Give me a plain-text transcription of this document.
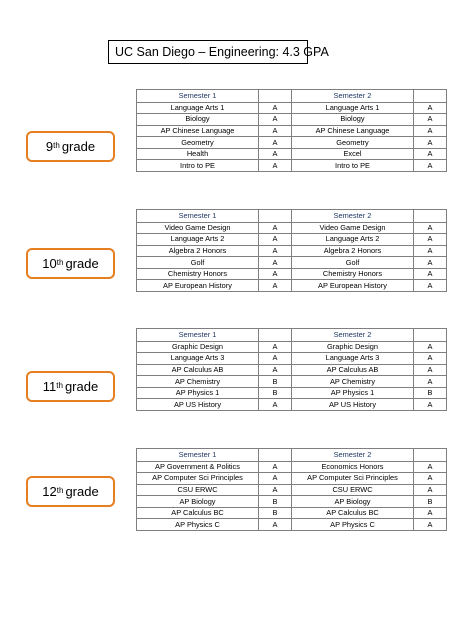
UC San Diego – Engineering: 4.3 GPA
9th grade
Semester 1		Semester 2	
Language Arts 1	A	Language Arts 1	A
Biology	A	Biology	A
AP Chinese Language	A	AP Chinese Language	A
Geometry	A	Geometry	A
Health	A	Excel	A
Intro to PE	A	Intro to PE	A
10th grade
Semester 1		Semester 2	
Video Game Design	A	Video Game Design	A
Language Arts 2	A	Language Arts 2	A
Algebra 2 Honors	A	Algebra 2 Honors	A
Golf	A	Golf	A
Chemistry Honors	A	Chemistry Honors	A
AP European History	A	AP European History	A
11th grade
Semester 1		Semester 2	
Graphic Design	A	Graphic Design	A
Language Arts 3	A	Language Arts 3	A
AP Calculus AB	A	AP Calculus AB	A
AP Chemistry	B	AP Chemistry	A
AP Physics 1	B	AP Physics 1	B
AP US History	A	AP US History	A
12th grade
Semester 1		Semester 2	
AP Government & Politics	A	Economics Honors	A
AP Computer Sci Principles	A	AP Computer Sci Principles	A
CSU ERWC	A	CSU ERWC	A
AP Biology	B	AP Biology	B
AP Calculus BC	B	AP Calculus BC	A
AP Physics C	A	AP Physics C	A
